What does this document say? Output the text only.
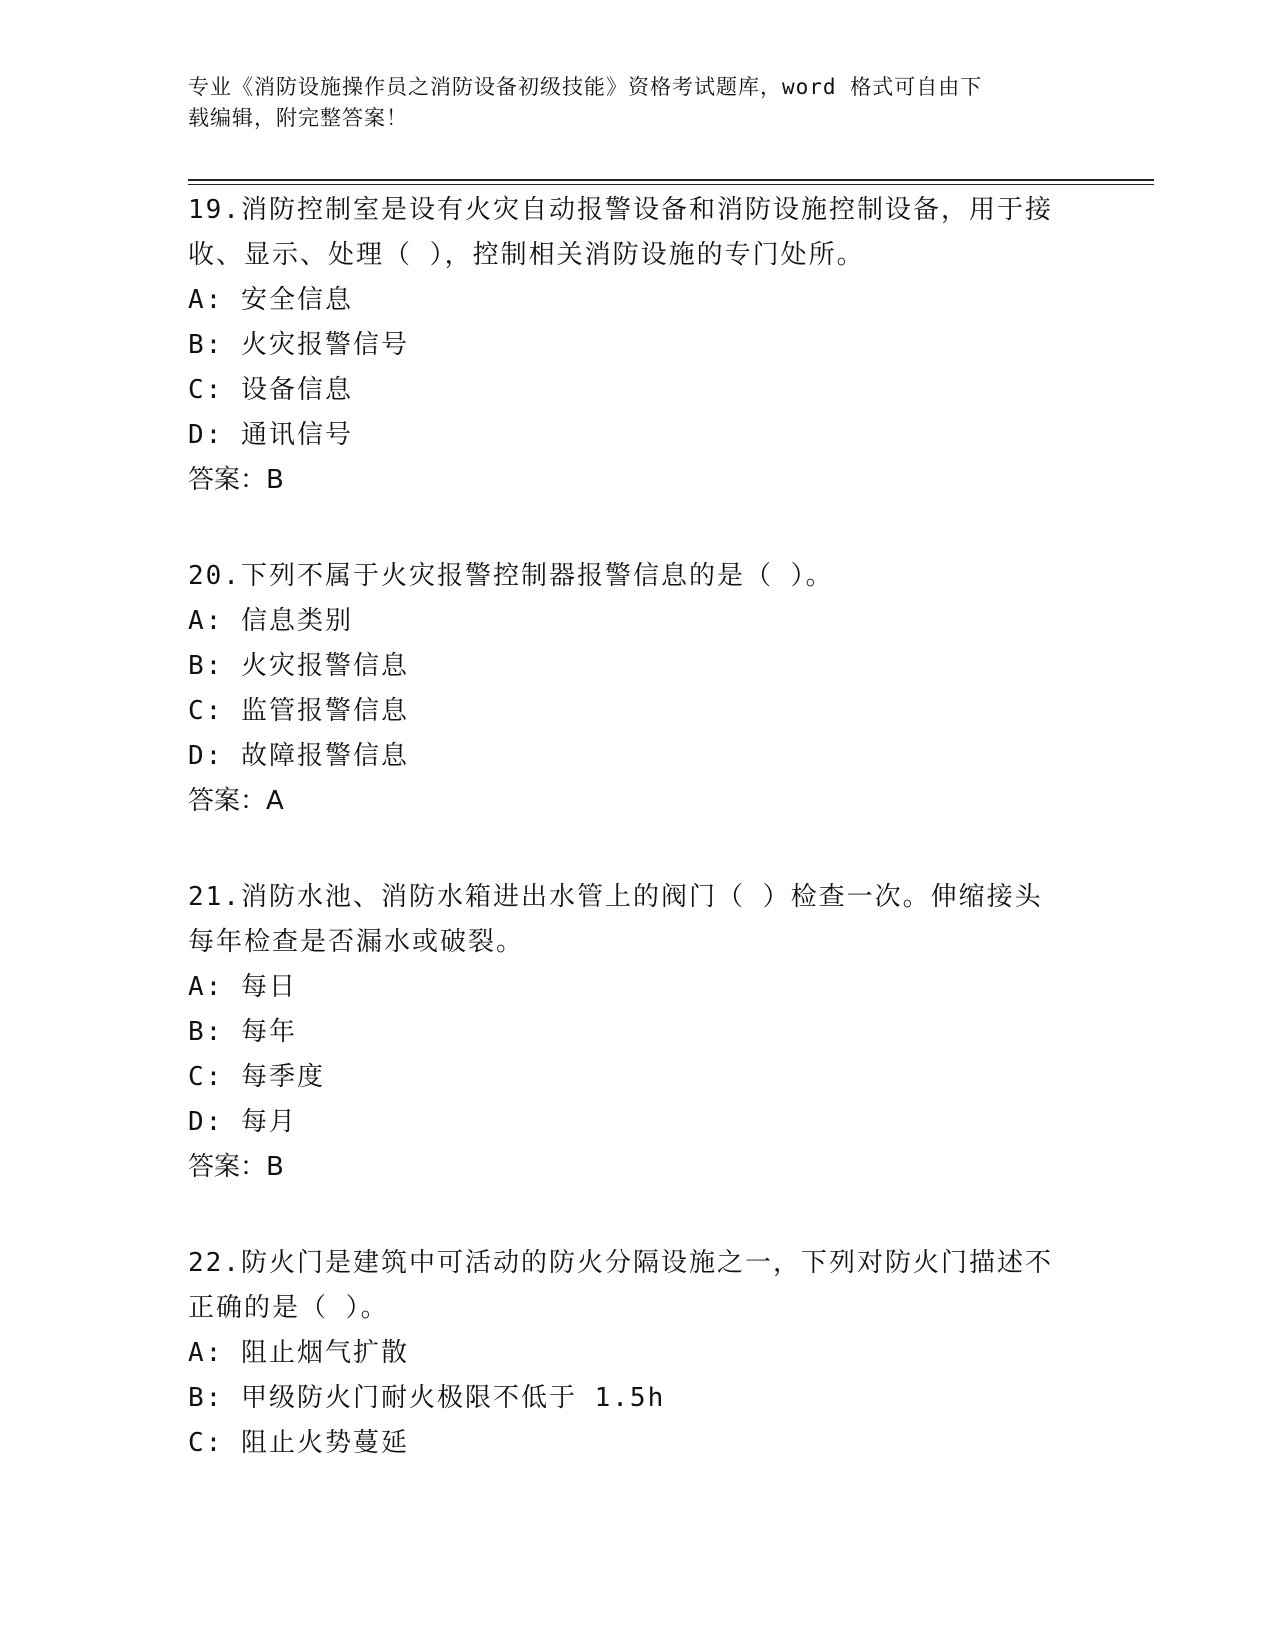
专业《消防设施操作员之消防设备初级技能》资格考试题库，word 格式可自由下
载编辑，附完整答案！
19.消防控制室是设有火灾自动报警设备和消防设施控制设备，用于接
收、显示、处理（ ），控制相关消防设施的专门处所。
A: 安全信息
B: 火灾报警信号
C: 设备信息
D: 通讯信号
答案：B
20.下列不属于火灾报警控制器报警信息的是（ ）。
A: 信息类别
B: 火灾报警信息
C: 监管报警信息
D: 故障报警信息
答案：A
21.消防水池、消防水箱进出水管上的阀门（ ）检查一次。伸缩接头
每年检查是否漏水或破裂。
A: 每日
B: 每年
C: 每季度
D: 每月
答案：B
22.防火门是建筑中可活动的防火分隔设施之一，下列对防火门描述不
正确的是（ ）。
A: 阻止烟气扩散
B: 甲级防火门耐火极限不低于 1.5h
C: 阻止火势蔓延
